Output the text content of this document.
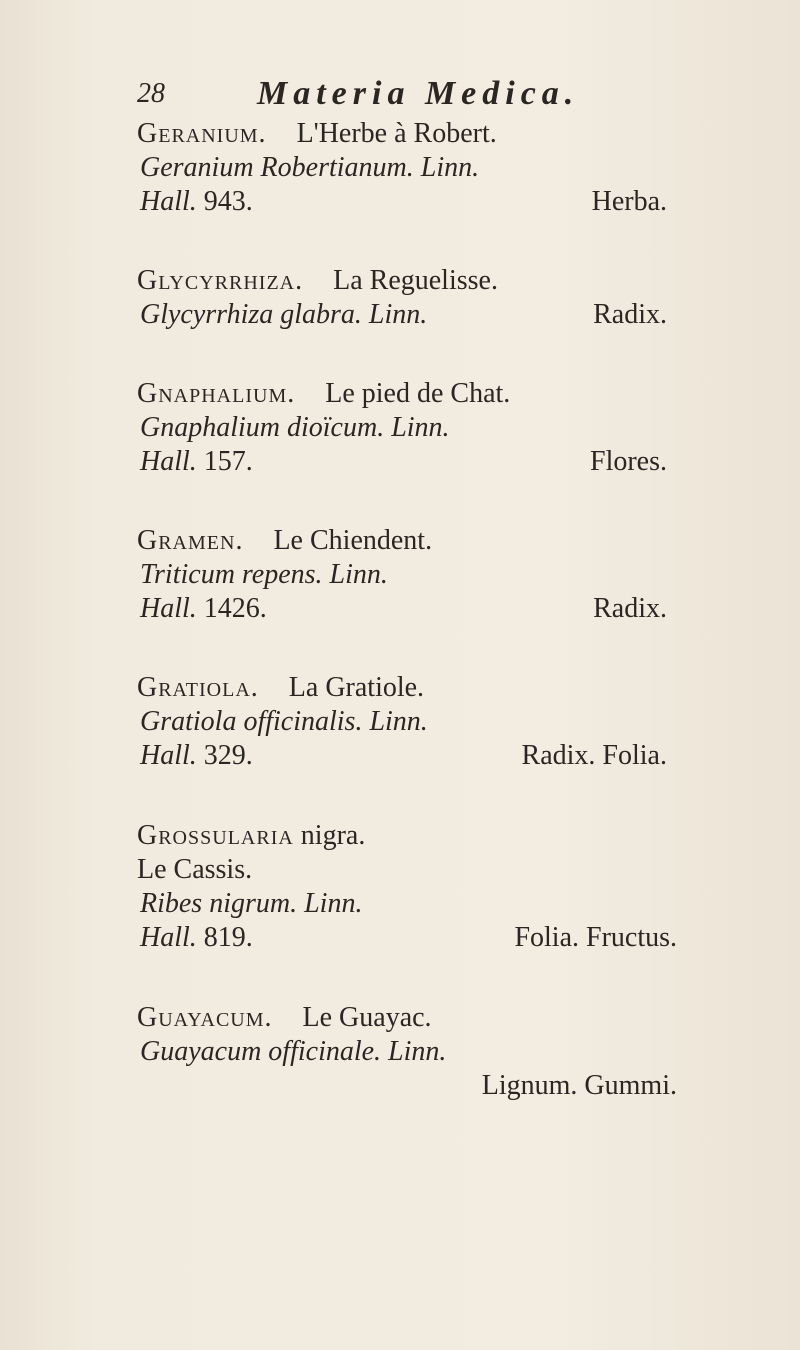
28	Materia Medica.
Geranium. L'Herbe à Robert.
Geranium Robertianum. Linn.
Hall. 943.	Herba.
Glycyrrhiza. La Reguelisse.
Glycyrrhiza glabra. Linn.	Radix.
Gnaphalium. Le pied de Chat.
Gnaphalium dioïcum. Linn.
Hall. 157.	Flores.
Gramen. Le Chiendent.
Triticum repens. Linn.
Hall. 1426.	Radix.
Gratiola. La Gratiole.
Gratiola officinalis. Linn.
Hall. 329.	Radix. Folia.
Grossularia nigra.
Le Cassis.
Ribes nigrum. Linn.
Hall. 819.	Folia. Fructus.
Guayacum. Le Guayac.
Guayacum officinale. Linn.
Lignum. Gummi.
